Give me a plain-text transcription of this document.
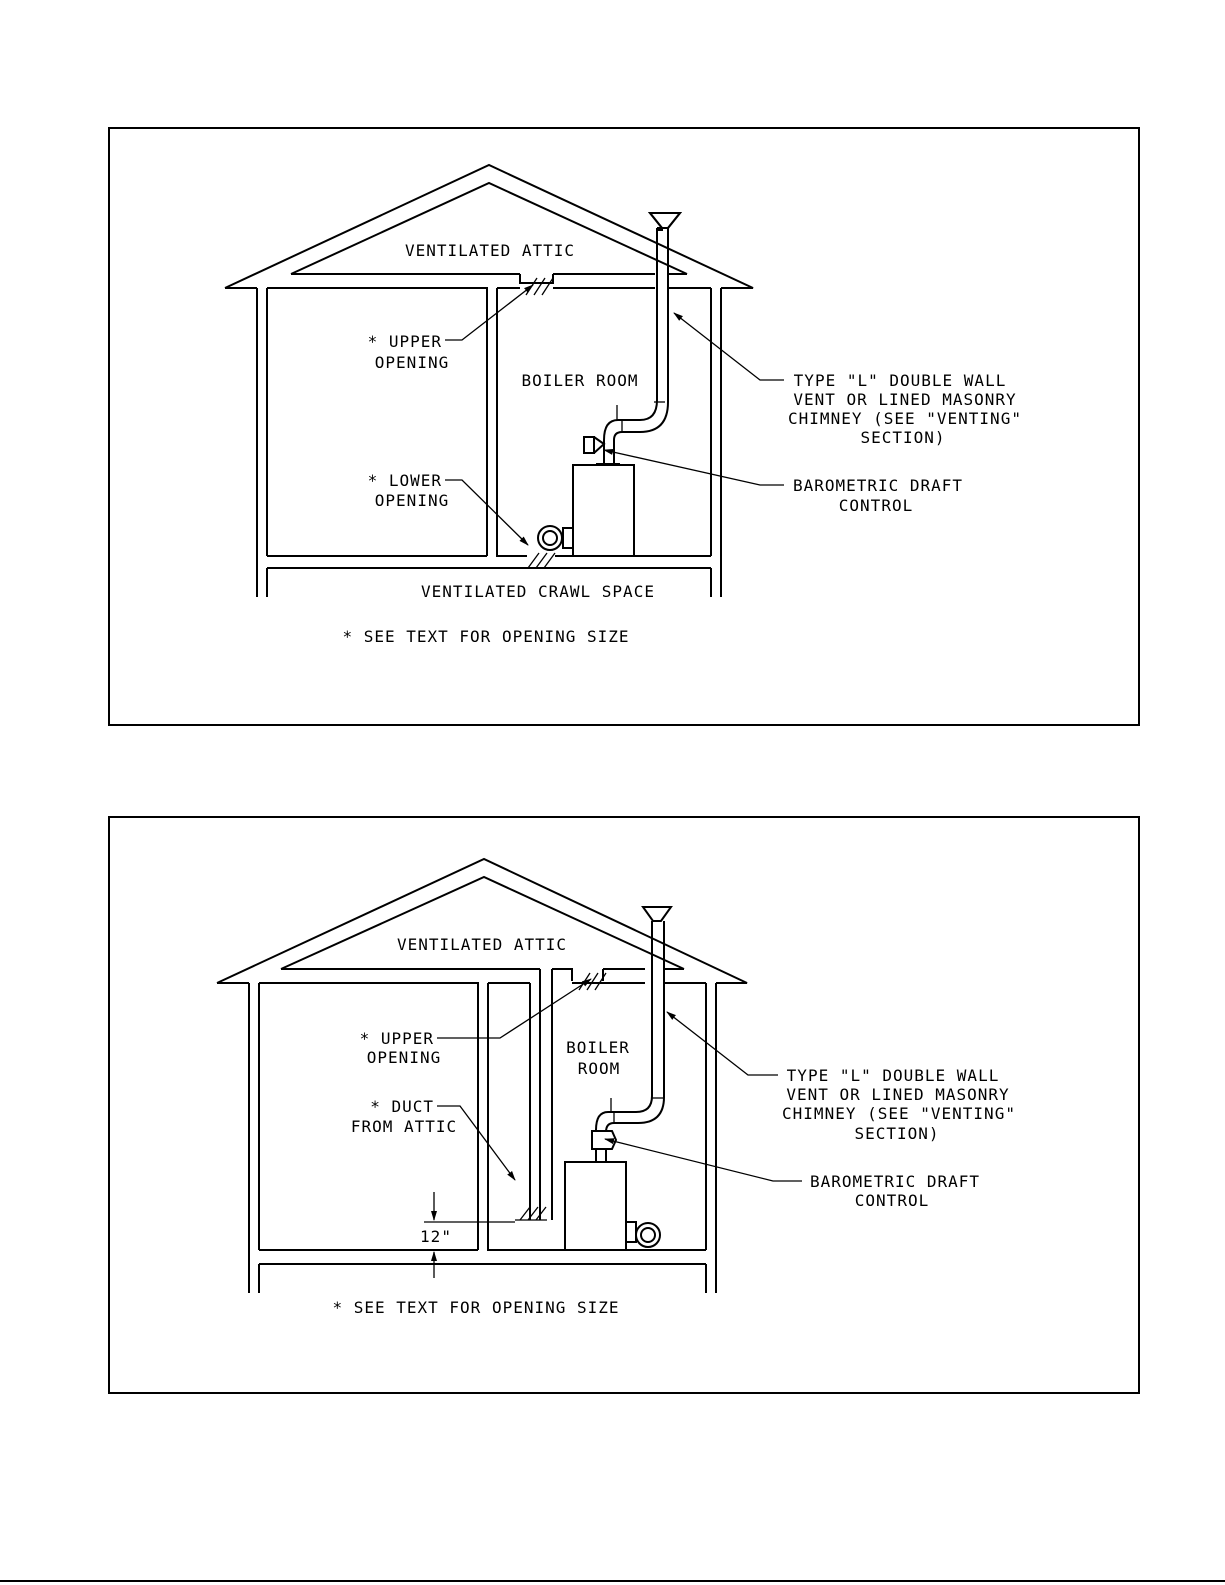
VENTILATED ATTIC
* UPPER
OPENING
BOILER ROOM
* LOWER
OPENING
VENTILATED CRAWL SPACE
TYPE "L" DOUBLE WALL
VENT OR LINED MASONRY
CHIMNEY (SEE "VENTING"
SECTION)
BAROMETRIC DRAFT
CONTROL
* SEE TEXT FOR OPENING SIZE
VENTILATED ATTIC
* UPPER
OPENING
BOILER
ROOM
* DUCT
FROM ATTIC
12"
TYPE "L" DOUBLE WALL
VENT OR LINED MASONRY
CHIMNEY (SEE "VENTING"
SECTION)
BAROMETRIC DRAFT
CONTROL
* SEE TEXT FOR OPENING SIZE
